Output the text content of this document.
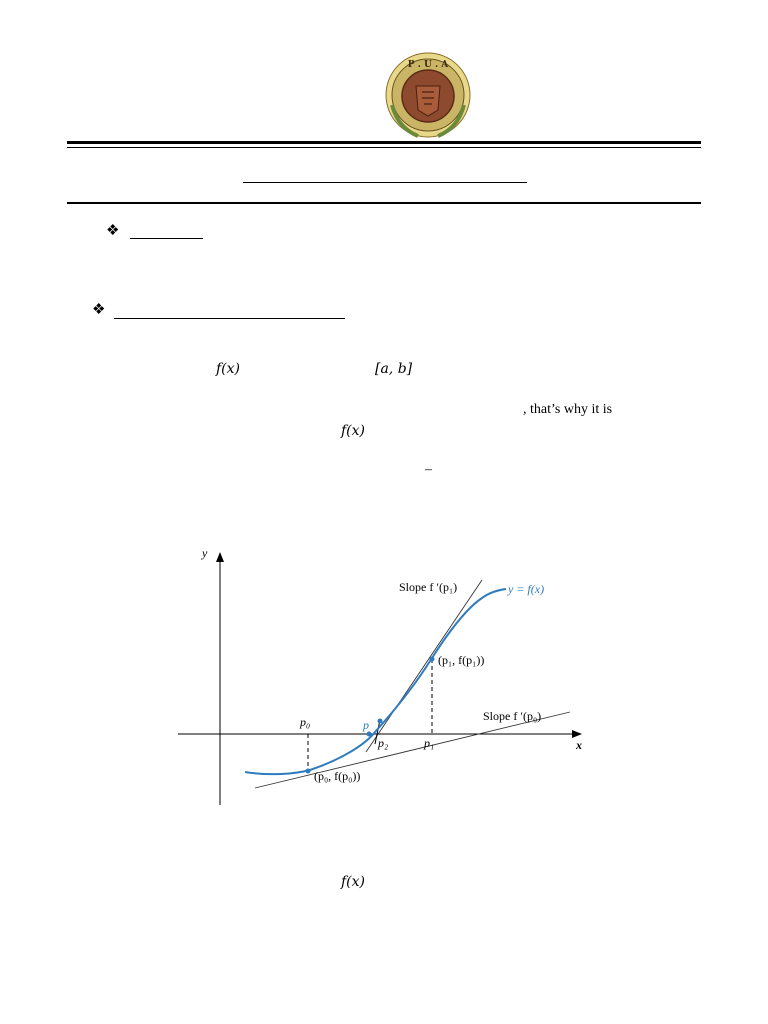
P . U . A
❖
❖
f(x)	[a, b]
, that’s why it is
f(x)
–
y
x
y = f(x)
Slope f ′(p₁)
Slope f ′(p₀)
(p₁, f(p₁))
(p₀, f(p₀))
p₀	p
p₂	p₁
f(x)
